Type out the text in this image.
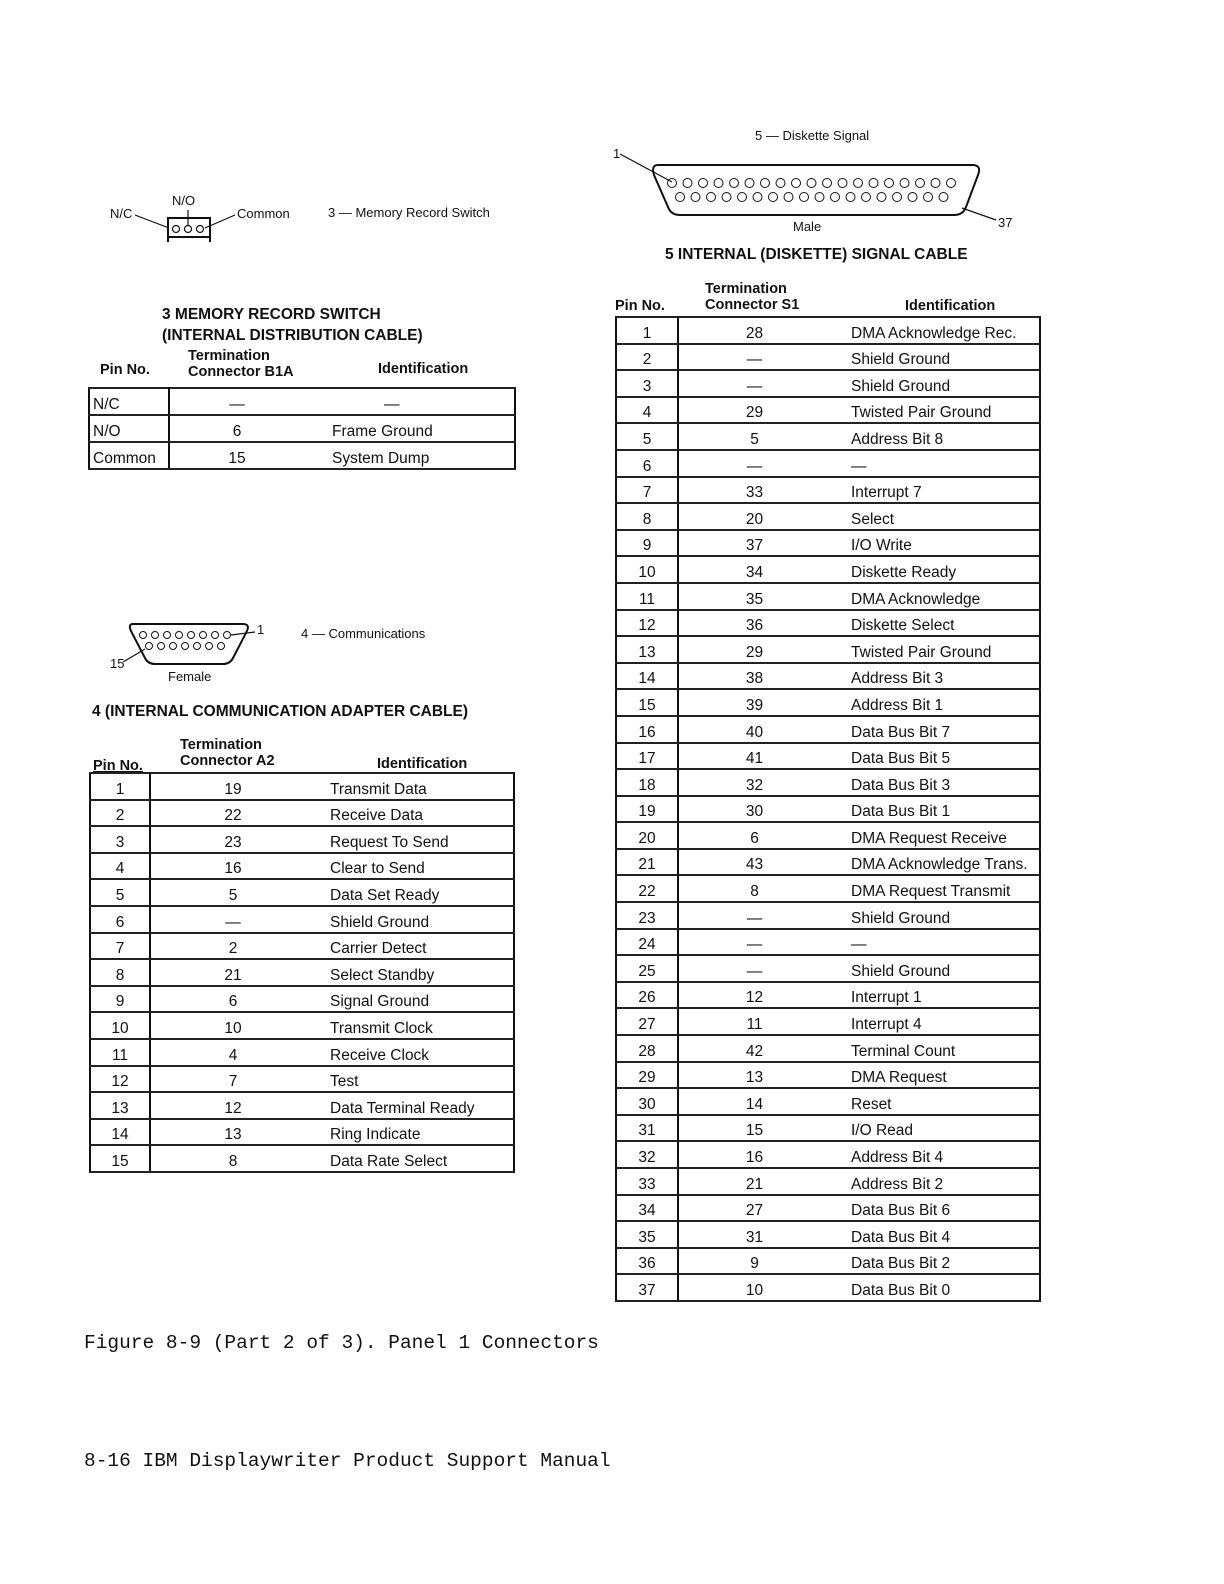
N/C
N/O
Common	3 — Memory Record Switch
3 MEMORY RECORD SWITCH
(INTERNAL DISTRIBUTION CABLE)
Pin No.
Termination
Connector B1A	Identification
N/C	—	—
N/O	6	Frame Ground
Common	15	System Dump
1
15
Female
4 — Communications
4 (INTERNAL COMMUNICATION ADAPTER CABLE)
Pin No.
Termination
Connector A2	Identification
1	19	Transmit Data
2	22	Receive Data
3	23	Request To Send
4	16	Clear to Send
5	5	Data Set Ready
6	—	Shield Ground
7	2	Carrier Detect
8	21	Select Standby
9	6	Signal Ground
10	10	Transmit Clock
11	4	Receive Clock
12	7	Test
13	12	Data Terminal Ready
14	13	Ring Indicate
15	8	Data Rate Select
5 — Diskette Signal
1
37
Male
5 INTERNAL (DISKETTE) SIGNAL CABLE
Pin No.
Termination
Connector S1	Identification
1	28	DMA Acknowledge Rec.
2	—	Shield Ground
3	—	Shield Ground
4	29	Twisted Pair Ground
5	5	Address Bit 8
6	—	—
7	33	Interrupt 7
8	20	Select
9	37	I/O Write
10	34	Diskette Ready
11	35	DMA Acknowledge
12	36	Diskette Select
13	29	Twisted Pair Ground
14	38	Address Bit 3
15	39	Address Bit 1
16	40	Data Bus Bit 7
17	41	Data Bus Bit 5
18	32	Data Bus Bit 3
19	30	Data Bus Bit 1
20	6	DMA Request Receive
21	43	DMA Acknowledge Trans.
22	8	DMA Request Transmit
23	—	Shield Ground
24	—	—
25	—	Shield Ground
26	12	Interrupt 1
27	11	Interrupt 4
28	42	Terminal Count
29	13	DMA Request
30	14	Reset
31	15	I/O Read
32	16	Address Bit 4
33	21	Address Bit 2
34	27	Data Bus Bit 6
35	31	Data Bus Bit 4
36	9	Data Bus Bit 2
37	10	Data Bus Bit 0
Figure 8-9 (Part 2 of 3). Panel 1 Connectors
8-16 IBM Displaywriter Product Support Manual
